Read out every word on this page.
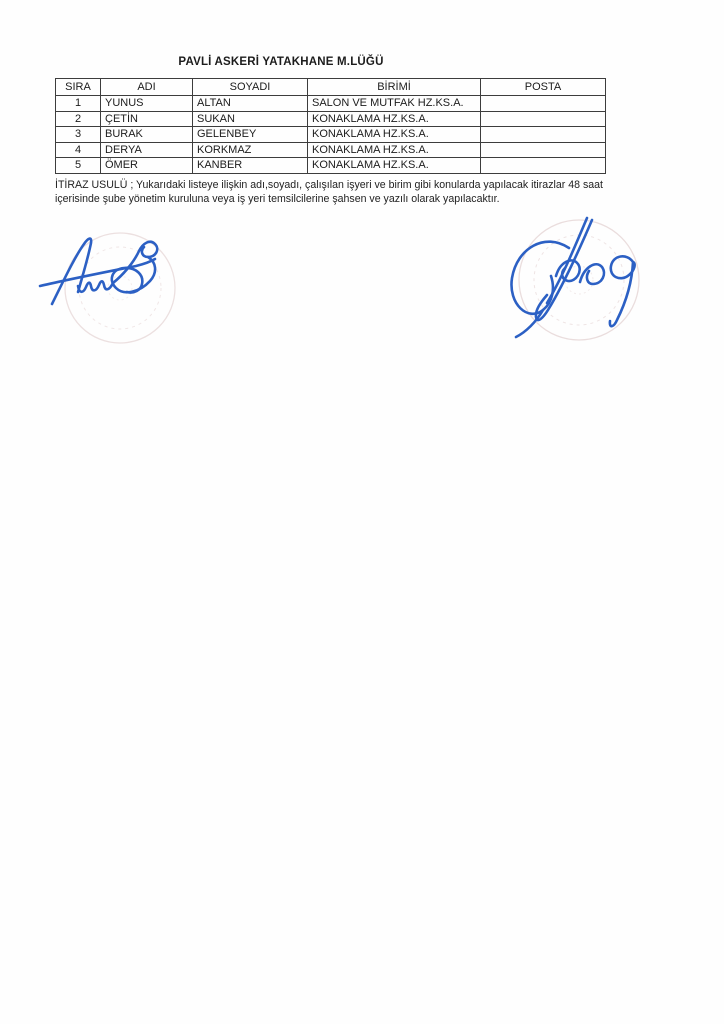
PAVLİ ASKERİ YATAKHANE M.LÜĞÜ
SIRA	ADI	SOYADI	BİRİMİ	POSTA
1	YUNUS	ALTAN	SALON VE MUTFAK HZ.KS.A.	
2	ÇETİN	SUKAN	KONAKLAMA HZ.KS.A.	
3	BURAK	GELENBEY	KONAKLAMA HZ.KS.A.	
4	DERYA	KORKMAZ	KONAKLAMA HZ.KS.A.	
5	ÖMER	KANBER	KONAKLAMA HZ.KS.A.	
İTİRAZ USULÜ ; Yukarıdaki listeye ilişkin adı,soyadı, çalışılan işyeri ve birim gibi konularda yapılacak itirazlar 48 saat içerisinde şube yönetim kuruluna veya iş yeri temsilcilerine şahsen ve yazılı olarak yapılacaktır.
